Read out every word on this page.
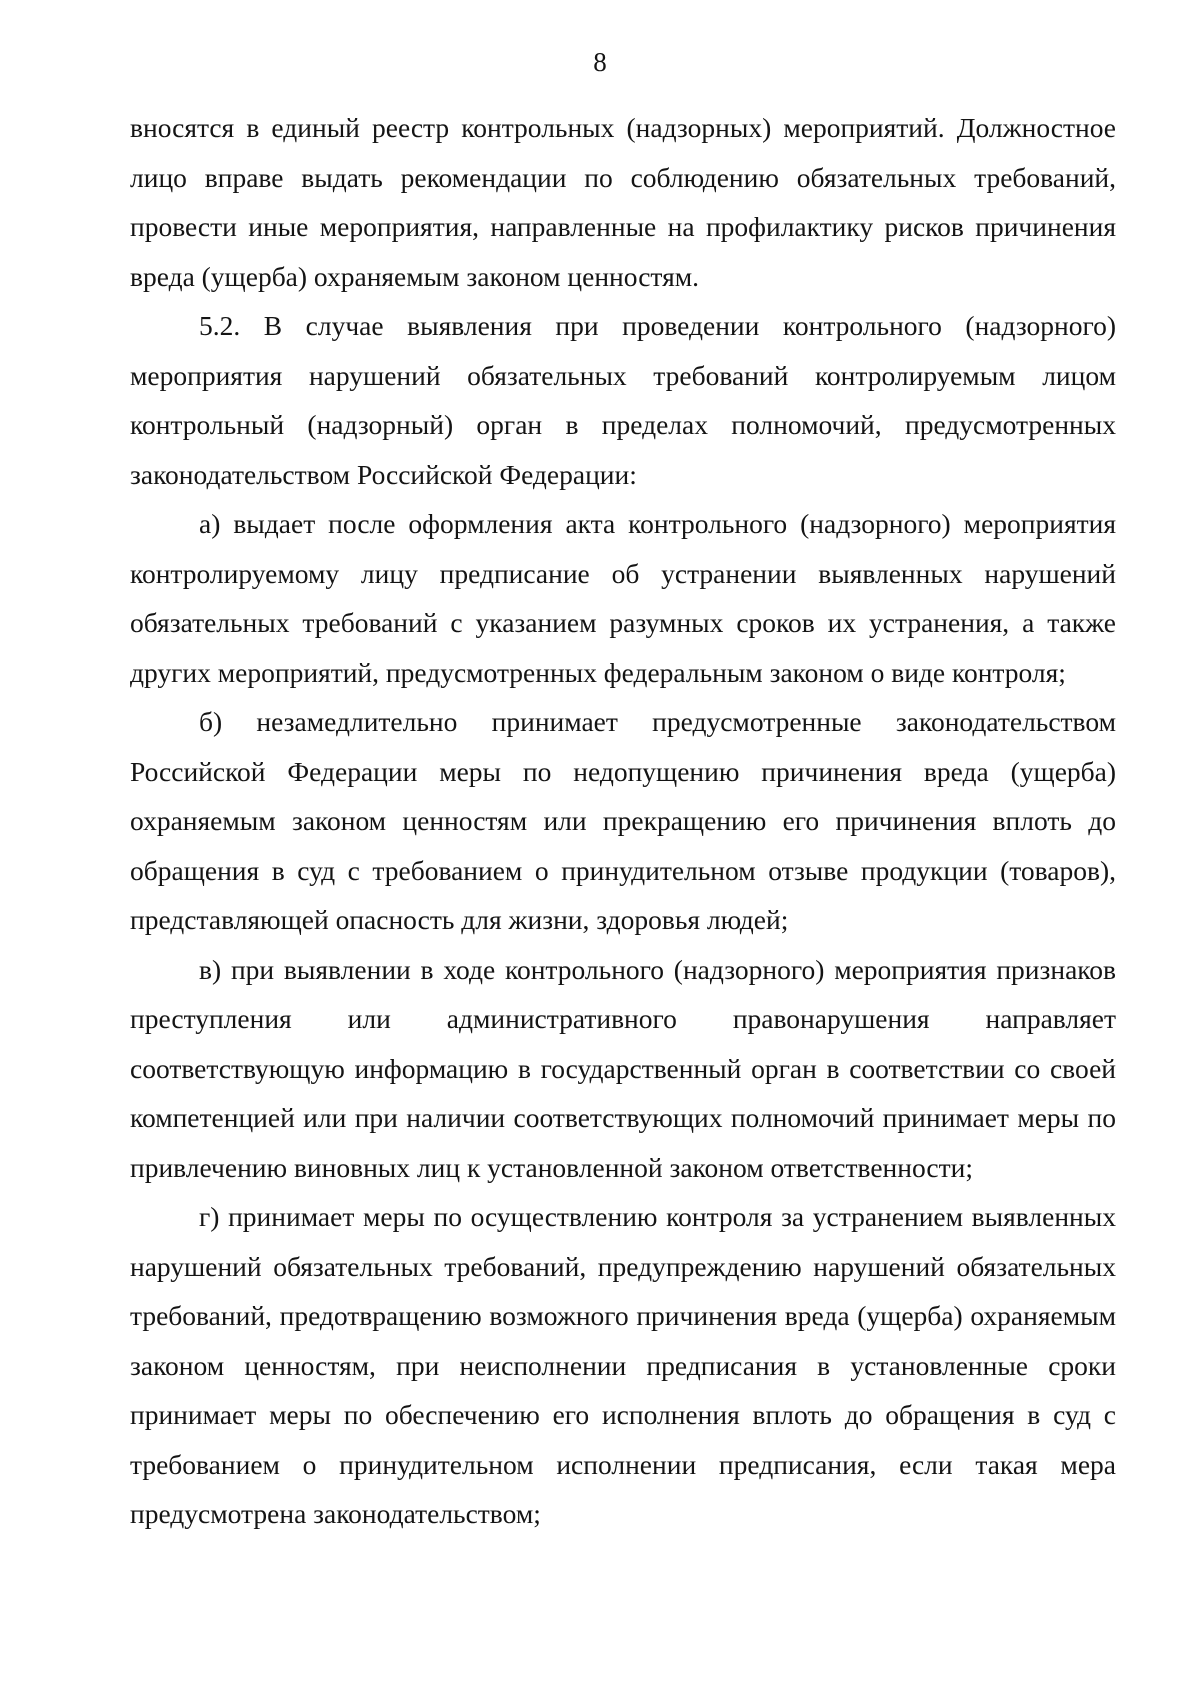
8

вносятся в единый реестр контрольных (надзорных) мероприятий. Должностное лицо вправе выдать рекомендации по соблюдению обязательных требований, провести иные мероприятия, направленные на профилактику рисков причинения вреда (ущерба) охраняемым законом ценностям.

5.2. В случае выявления при проведении контрольного (надзорного) мероприятия нарушений обязательных требований контролируемым лицом контрольный (надзорный) орган в пределах полномочий, предусмотренных законодательством Российской Федерации:

а) выдает после оформления акта контрольного (надзорного) мероприятия контролируемому лицу предписание об устранении выявленных нарушений обязательных требований с указанием разумных сроков их устранения, а также других мероприятий, предусмотренных федеральным законом о виде контроля;

б) незамедлительно принимает предусмотренные законодательством Российской Федерации меры по недопущению причинения вреда (ущерба) охраняемым законом ценностям или прекращению его причинения вплоть до обращения в суд с требованием о принудительном отзыве продукции (товаров), представляющей опасность для жизни, здоровья людей;

в) при выявлении в ходе контрольного (надзорного) мероприятия признаков преступления или административного правонарушения направляет соответствующую информацию в государственный орган в соответствии со своей компетенцией или при наличии соответствующих полномочий принимает меры по привлечению виновных лиц к установленной законом ответственности;

г) принимает меры по осуществлению контроля за устранением выявленных нарушений обязательных требований, предупреждению нарушений обязательных требований, предотвращению возможного причинения вреда (ущерба) охраняемым законом ценностям, при неисполнении предписания в установленные сроки принимает меры по обеспечению его исполнения вплоть до обращения в суд с требованием о принудительном исполнении предписания, если такая мера предусмотрена законодательством;
